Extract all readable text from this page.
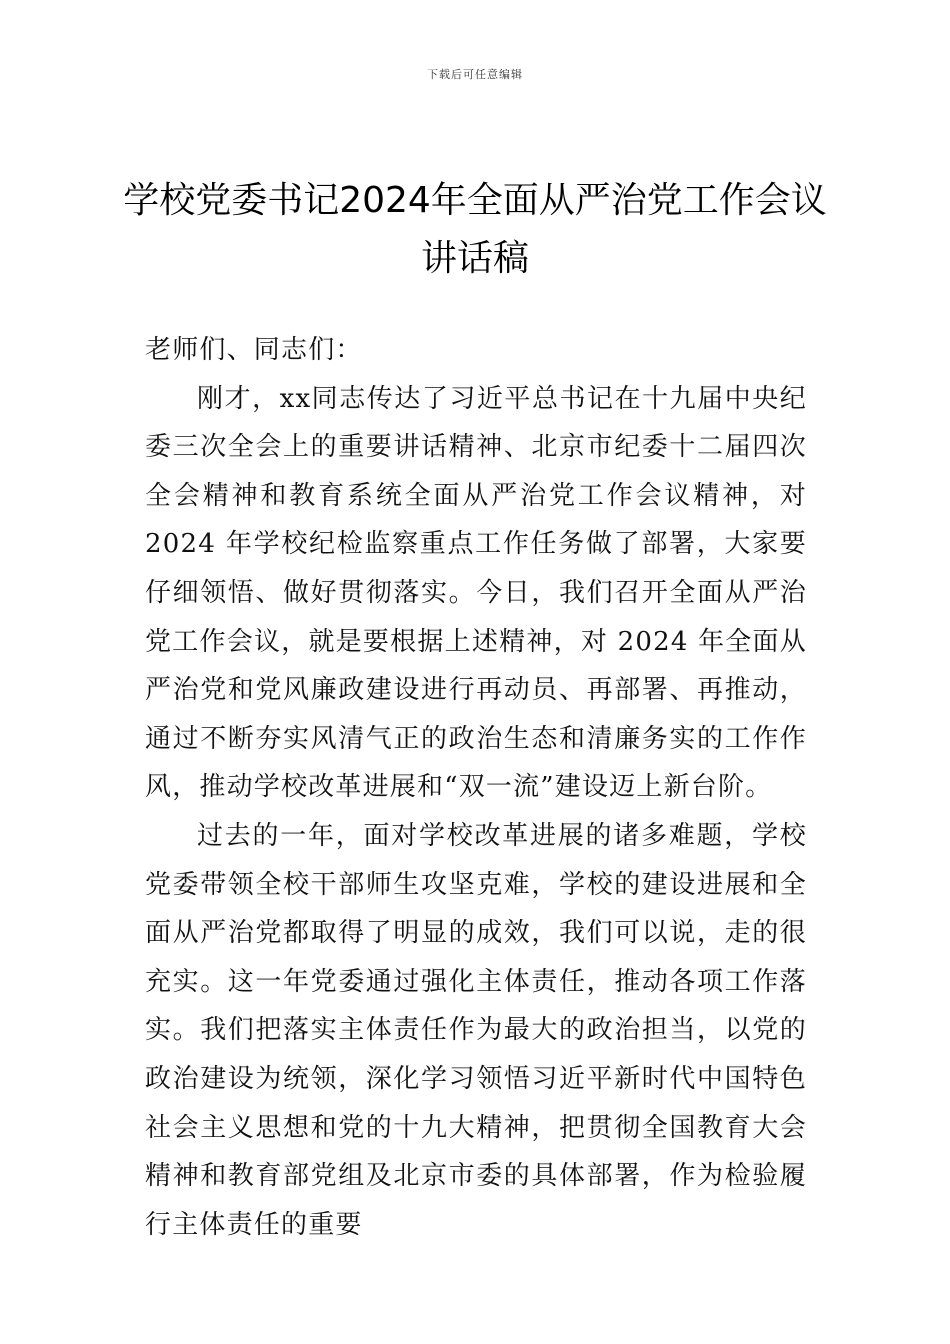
下载后可任意编辑
学校党委书记2024年全面从严治党工作会议讲话稿

老师们、同志们：

刚才，xx同志传达了习近平总书记在十九届中央纪委三次全会上的重要讲话精神、北京市纪委十二届四次全会精神和教育系统全面从严治党工作会议精神，对 2024 年学校纪检监察重点工作任务做了部署，大家要仔细领悟、做好贯彻落实。今日，我们召开全面从严治党工作会议，就是要根据上述精神，对 2024 年全面从严治党和党风廉政建设进行再动员、再部署、再推动，通过不断夯实风清气正的政治生态和清廉务实的工作作风，推动学校改革进展和“双一流”建设迈上新台阶。

过去的一年，面对学校改革进展的诸多难题，学校党委带领全校干部师生攻坚克难，学校的建设进展和全面从严治党都取得了明显的成效，我们可以说，走的很充实。这一年党委通过强化主体责任，推动各项工作落实。我们把落实主体责任作为最大的政治担当，以党的政治建设为统领，深化学习领悟习近平新时代中国特色社会主义思想和党的十九大精神，把贯彻全国教育大会精神和教育部党组及北京市委的具体部署，作为检验履行主体责任的重要
